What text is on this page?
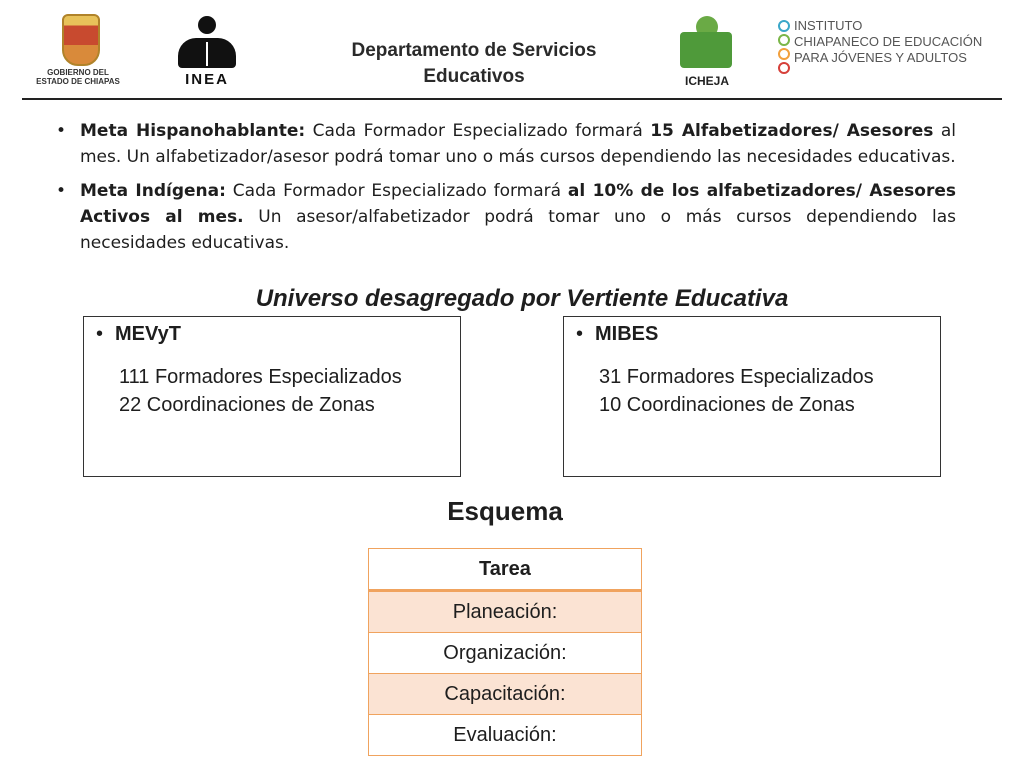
GOBIERNO DEL
ESTADO DE CHIAPAS	INEA
Departamento de Servicios
Educativos	ICHEJA
INSTITUTO
CHIAPANECO DE EDUCACIÓN
PARA JÓVENES Y ADULTOS
• Meta Hispanohablante: Cada Formador Especializado formará 15 Alfabetizadores/ Asesores al mes. Un alfabetizador/asesor podrá tomar uno o más cursos dependiendo las necesidades educativas.
• Meta Indígena: Cada Formador Especializado formará al 10% de los alfabetizadores/ Asesores Activos al mes. Un asesor/alfabetizador podrá tomar uno o más cursos dependiendo las necesidades educativas.
Universo desagregado por Vertiente Educativa
• MEVyT
111 Formadores Especializados
22 Coordinaciones de Zonas
• MIBES
31 Formadores Especializados
10 Coordinaciones de Zonas
Esquema
Tarea
Planeación:
Organización:
Capacitación:
Evaluación:
